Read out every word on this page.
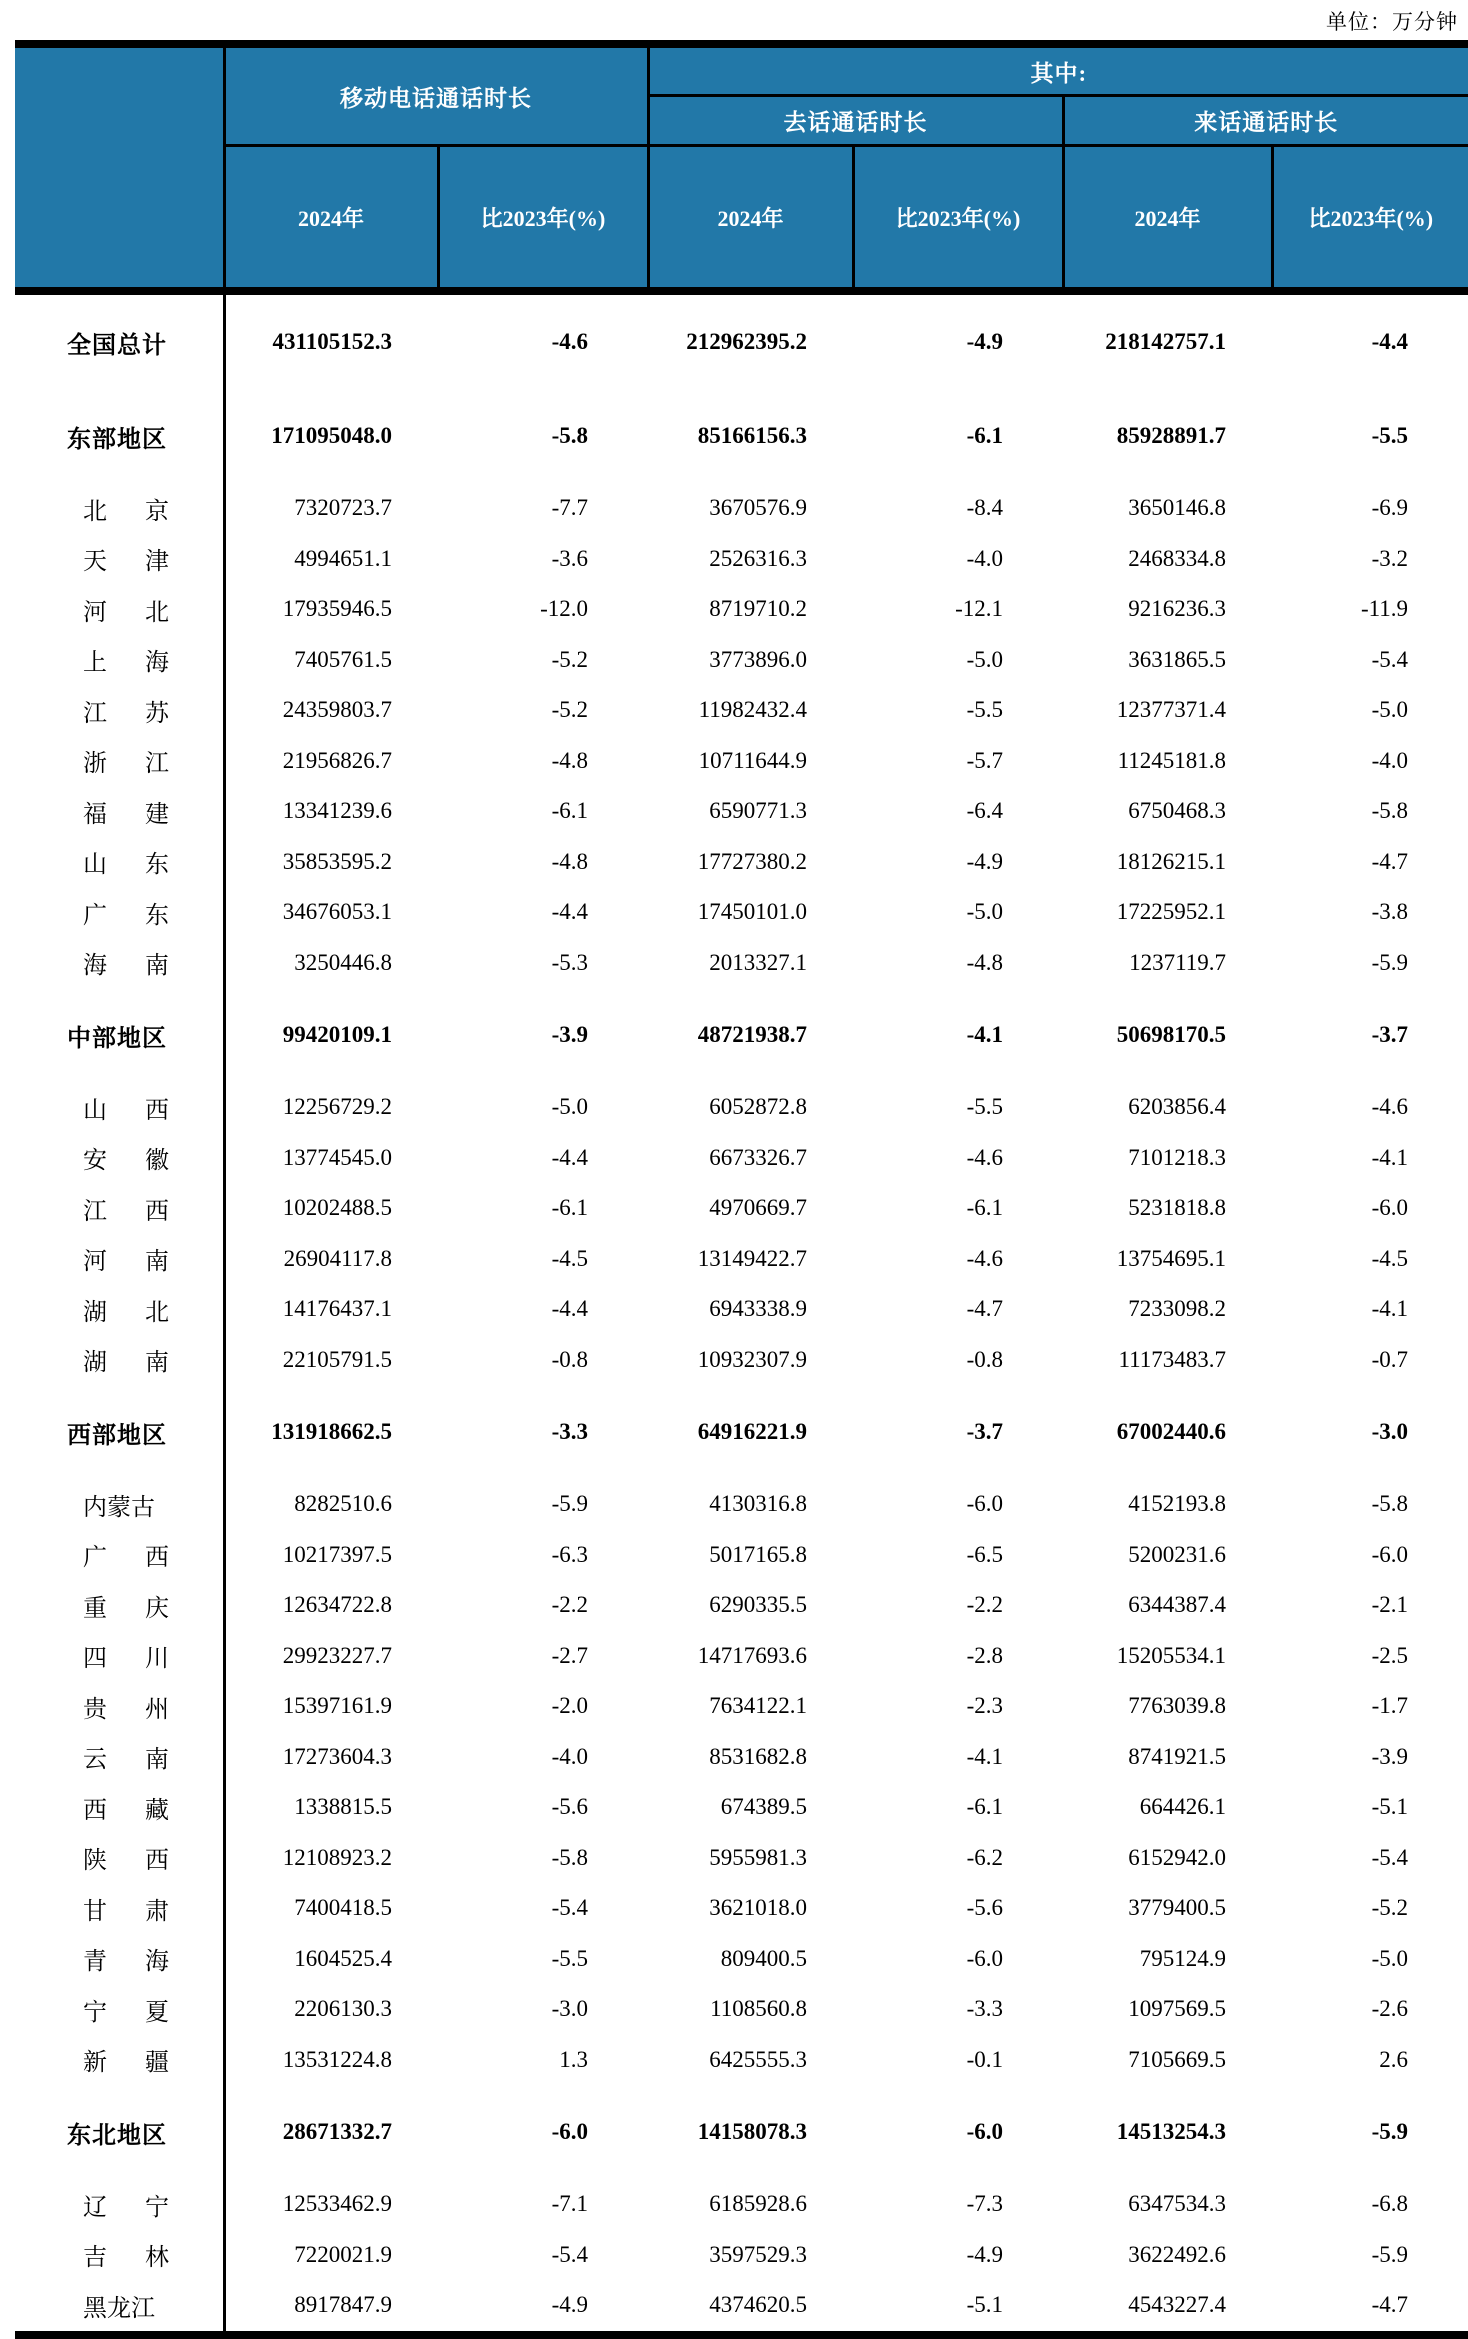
单位：万分钟
	移动电话通话时长		其中:			
			去话通话时长		来话通话时长	
	2024年	比2023年(%)	2024年	比2023年(%)	2024年	比2023年(%)
全国总计	431105152.3	-4.6	212962395.2	-4.9	218142757.1	-4.4
东部地区	171095048.0	-5.8	85166156.3	-6.1	85928891.7	-5.5

北 京	7320723.7	-7.7	3670576.9	-8.4	3650146.8	-6.9

天 津	4994651.1	-3.6	2526316.3	-4.0	2468334.8	-3.2

河 北	17935946.5	-12.0	8719710.2	-12.1	9216236.3	-11.9

上 海	7405761.5	-5.2	3773896.0	-5.0	3631865.5	-5.4

江 苏	24359803.7	-5.2	11982432.4	-5.5	12377371.4	-5.0

浙 江	21956826.7	-4.8	10711644.9	-5.7	11245181.8	-4.0

福 建	13341239.6	-6.1	6590771.3	-6.4	6750468.3	-5.8

山 东	35853595.2	-4.8	17727380.2	-4.9	18126215.1	-4.7

广 东	34676053.1	-4.4	17450101.0	-5.0	17225952.1	-3.8

海 南	3250446.8	-5.3	2013327.1	-4.8	1237119.7	-5.9
中部地区	99420109.1	-3.9	48721938.7	-4.1	50698170.5	-3.7

山 西	12256729.2	-5.0	6052872.8	-5.5	6203856.4	-4.6

安 徽	13774545.0	-4.4	6673326.7	-4.6	7101218.3	-4.1

江 西	10202488.5	-6.1	4970669.7	-6.1	5231818.8	-6.0

河 南	26904117.8	-4.5	13149422.7	-4.6	13754695.1	-4.5

湖 北	14176437.1	-4.4	6943338.9	-4.7	7233098.2	-4.1

湖 南	22105791.5	-0.8	10932307.9	-0.8	11173483.7	-0.7
西部地区	131918662.5	-3.3	64916221.9	-3.7	67002440.6	-3.0
内蒙古	8282510.6	-5.9	4130316.8	-6.0	4152193.8	-5.8

广 西	10217397.5	-6.3	5017165.8	-6.5	5200231.6	-6.0

重 庆	12634722.8	-2.2	6290335.5	-2.2	6344387.4	-2.1

四 川	29923227.7	-2.7	14717693.6	-2.8	15205534.1	-2.5

贵 州	15397161.9	-2.0	7634122.1	-2.3	7763039.8	-1.7

云 南	17273604.3	-4.0	8531682.8	-4.1	8741921.5	-3.9

西 藏	1338815.5	-5.6	674389.5	-6.1	664426.1	-5.1

陕 西	12108923.2	-5.8	5955981.3	-6.2	6152942.0	-5.4

甘 肃	7400418.5	-5.4	3621018.0	-5.6	3779400.5	-5.2

青 海	1604525.4	-5.5	809400.5	-6.0	795124.9	-5.0

宁 夏	2206130.3	-3.0	1108560.8	-3.3	1097569.5	-2.6

新 疆	13531224.8	1.3	6425555.3	-0.1	7105669.5	2.6
东北地区	28671332.7	-6.0	14158078.3	-6.0	14513254.3	-5.9

辽 宁	12533462.9	-7.1	6185928.6	-7.3	6347534.3	-6.8

吉 林	7220021.9	-5.4	3597529.3	-4.9	3622492.6	-5.9
黑龙江	8917847.9	-4.9	4374620.5	-5.1	4543227.4	-4.7
